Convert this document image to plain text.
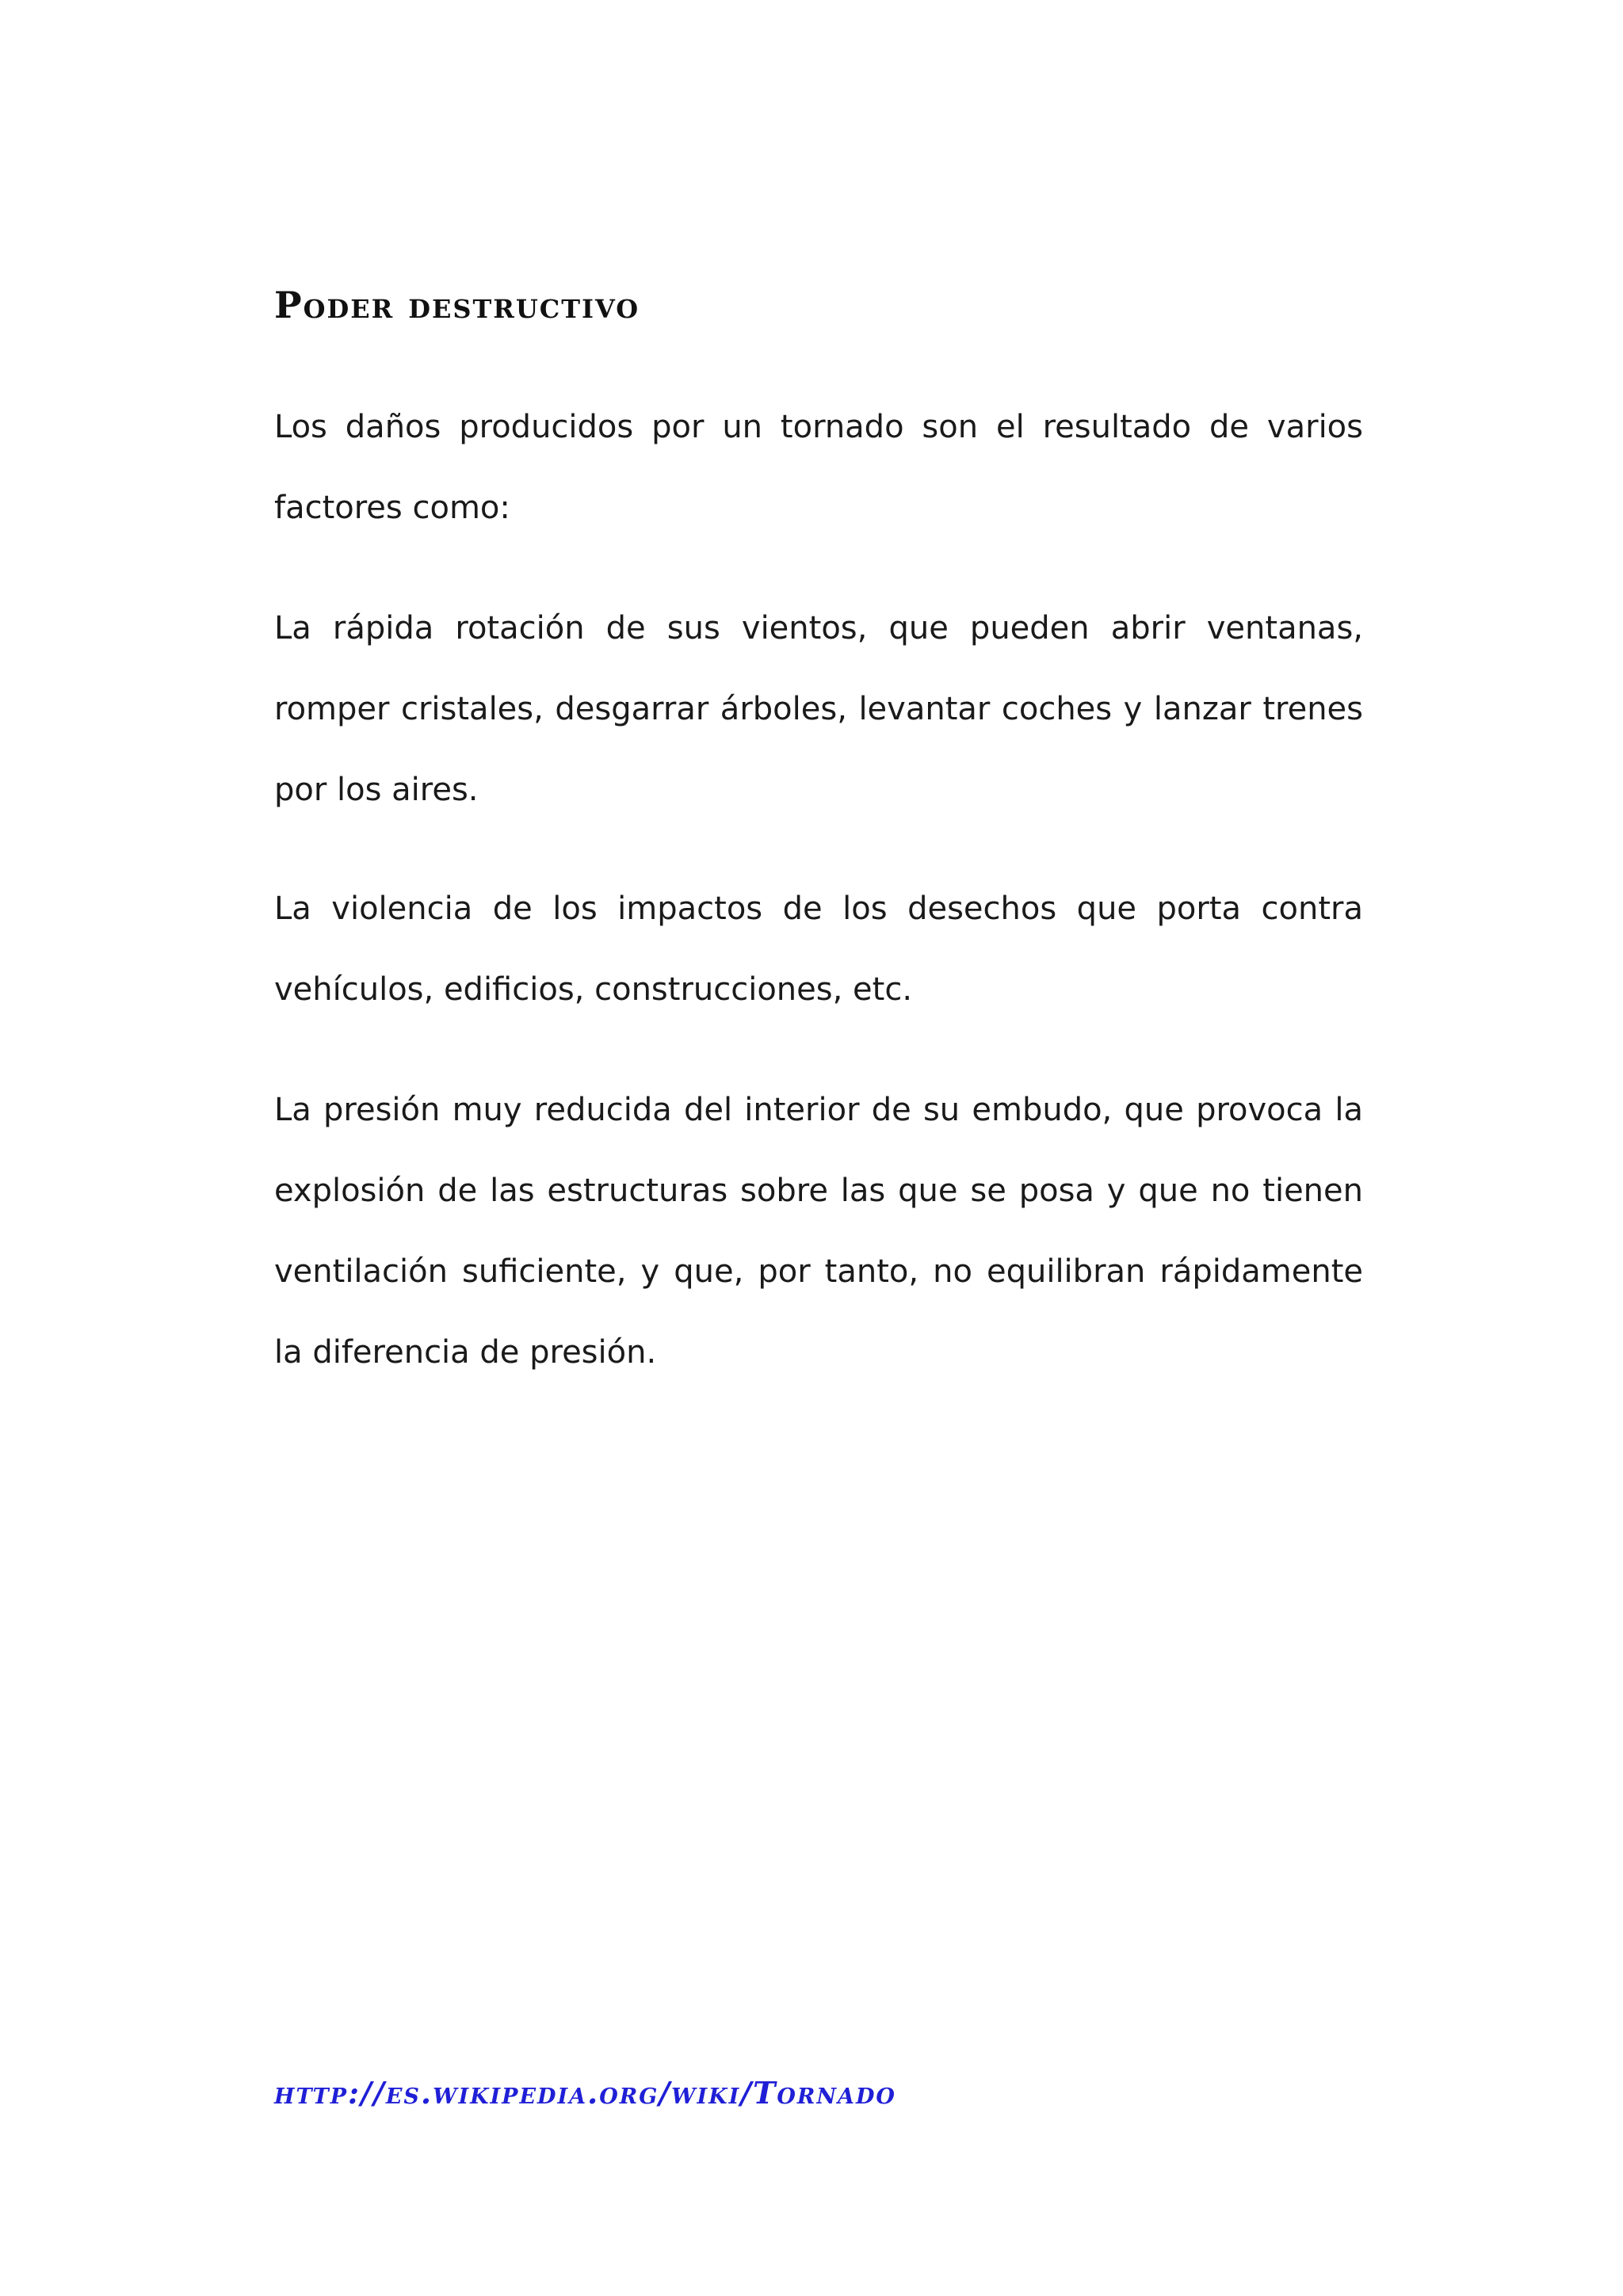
Poder destructivo

Los daños producidos por un tornado son el resultado de varios factores como:

La rápida rotación de sus vientos, que pueden abrir ventanas, romper cristales, desgarrar árboles, levantar coches y lanzar trenes por los aires.

La violencia de los impactos de los desechos que porta contra vehículos, edificios, construcciones, etc.

La presión muy reducida del interior de su embudo, que provoca la explosión de las estructuras sobre las que se posa y que no tienen ventilación suficiente, y que, por tanto, no equilibran rápidamente la diferencia de presión.

http://es.wikipedia.org/wiki/Tornado
